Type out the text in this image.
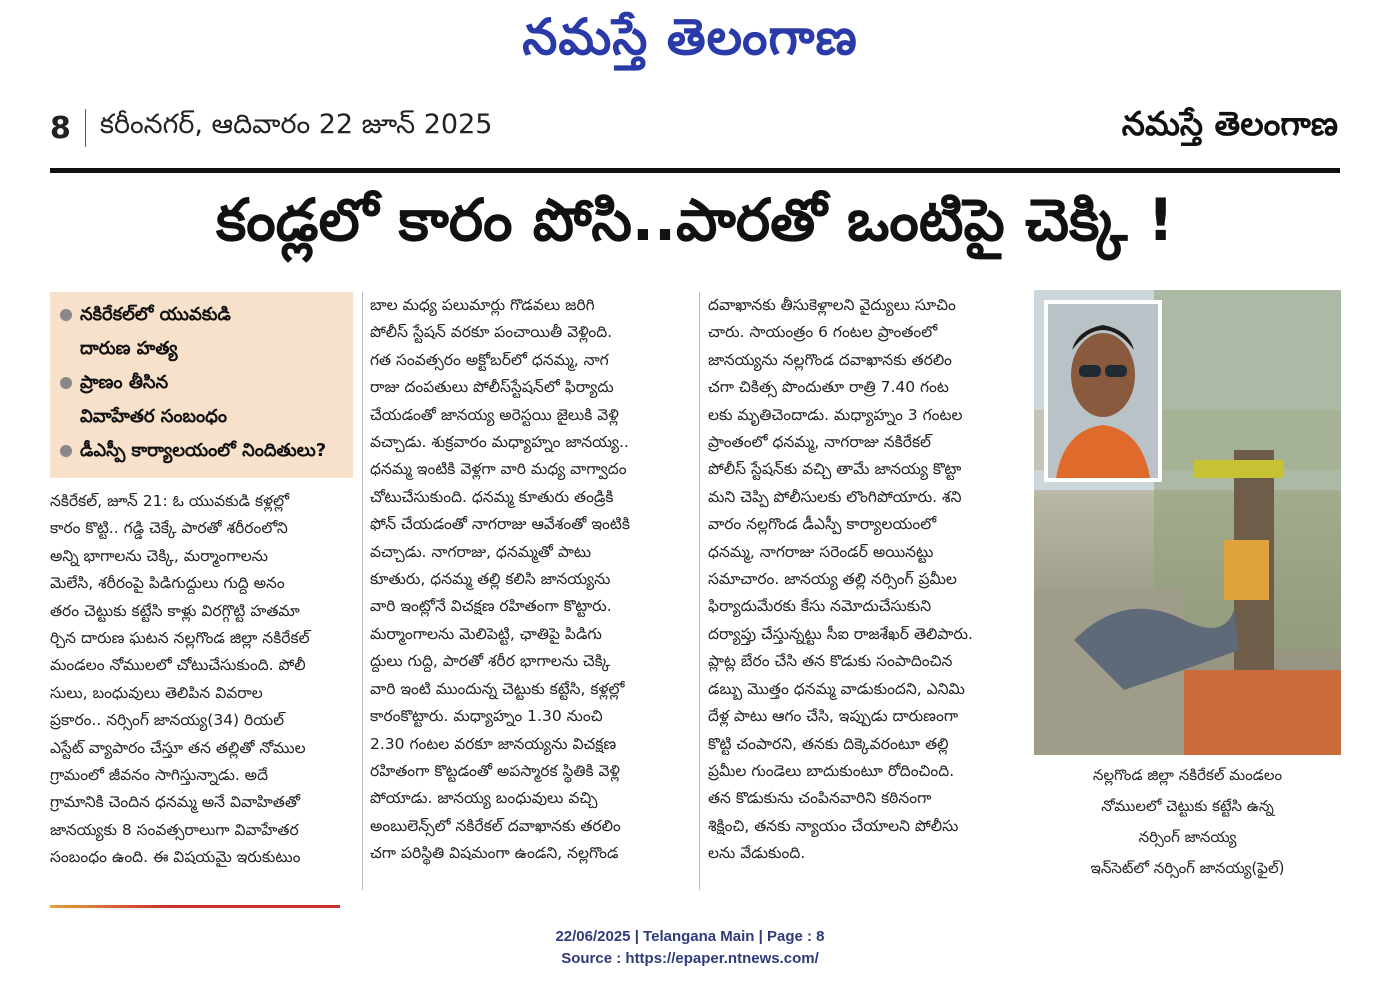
నమస్తే తెలంగాణ
8 కరీంనగర్, ఆదివారం 22 జూన్ 2025	నమస్తే తెలంగాణ
కండ్లలో కారం పోసి..పారతో ఒంటిపై చెక్కి !
నకిరేకల్‌లో యువకుడి
దారుణ హత్య
ప్రాణం తీసిన
వివాహేతర సంబంధం
డీఎస్పీ కార్యాలయంలో నిందితులు?
నకిరేకల్, జూన్ 21: ఓ యువకుడి కళ్లల్లో
కారం కొట్టి.. గడ్డి చెక్కే పారతో శరీరంలోని
అన్ని భాగాలను చెక్కి, మర్మాంగాలను
మెలేసి, శరీరంపై పిడిగుద్దులు గుద్ది అనం
తరం చెట్టుకు కట్టేసి కాళ్లు విరగ్గొట్టి హతమా
ర్చిన దారుణ ఘటన నల్లగొండ జిల్లా నకిరేకల్
మండలం నోములలో చోటుచేసుకుంది. పోలీ
సులు, బంధువులు తెలిపిన వివరాల
ప్రకారం.. నర్సింగ్ జానయ్య(34) రియల్
ఎస్టేట్ వ్యాపారం చేస్తూ తన తల్లితో నోముల
గ్రామంలో జీవనం సాగిస్తున్నాడు. అదే
గ్రామానికి చెందిన ధనమ్మ అనే వివాహితతో
జానయ్యకు 8 సంవత్సరాలుగా వివాహేతర
సంబంధం ఉంది. ఈ విషయమై ఇరుకుటుం
బాల మధ్య పలుమార్లు గొడవలు జరిగి
పోలీస్ స్టేషన్ వరకూ పంచాయితీ వెళ్లింది.
గత సంవత్సరం అక్టోబర్‌లో ధనమ్మ, నాగ
రాజు దంపతులు పోలీస్‌స్టేషన్‌లో ఫిర్యాదు
చేయడంతో జానయ్య అరెస్టయి జైలుకి వెళ్లి
వచ్చాడు. శుక్రవారం మధ్యాహ్నం జానయ్య..
ధనమ్మ ఇంటికి వెళ్లగా వారి మధ్య వాగ్వాదం
చోటుచేసుకుంది. ధనమ్మ కూతురు తండ్రికి
ఫోన్ చేయడంతో నాగరాజు ఆవేశంతో ఇంటికి
వచ్చాడు. నాగరాజు, ధనమ్మతో పాటు
కూతురు, ధనమ్మ తల్లి కలిసి జానయ్యను
వారి ఇంట్లోనే విచక్షణ రహితంగా కొట్టారు.
మర్మాంగాలను మెలిపెట్టి, ఛాతిపై పిడిగు
ద్దులు గుద్ది, పారతో శరీర భాగాలను చెక్కి
వారి ఇంటి ముందున్న చెట్టుకు కట్టేసి, కళ్లల్లో
కారంకొట్టారు. మధ్యాహ్నం 1.30 నుంచి
2.30 గంటల వరకూ జానయ్యను విచక్షణ
రహితంగా కొట్టడంతో అపస్మారక స్థితికి వెళ్లి
పోయాడు. జానయ్య బంధువులు వచ్చి
అంబులెన్స్‌లో నకిరేకల్ దవాఖానకు తరలిం
చగా పరిస్థితి విషమంగా ఉండని, నల్లగొండ
దవాఖానకు తీసుకెళ్లాలని వైద్యులు సూచిం
చారు. సాయంత్రం 6 గంటల ప్రాంతంలో
జానయ్యను నల్లగొండ దవాఖానకు తరలిం
చగా చికిత్స పొందుతూ రాత్రి 7.40 గంట
లకు మృతిచెందాడు. మధ్యాహ్నం 3 గంటల
ప్రాంతంలో ధనమ్మ, నాగరాజు నకిరేకల్
పోలీస్ స్టేషన్‌కు వచ్చి తామే జానయ్య కొట్టా
మని చెప్పి పోలీసులకు లొంగిపోయారు. శని
వారం నల్లగొండ డీఎస్పీ కార్యాలయంలో
ధనమ్మ, నాగరాజు సరెండర్ అయినట్టు
సమాచారం. జానయ్య తల్లి నర్సింగ్ ప్రమీల
ఫిర్యాదుమేరకు కేసు నమోదుచేసుకుని
దర్యాప్తు చేస్తున్నట్టు సీఐ రాజశేఖర్ తెలిపారు.
ప్లాట్ల బేరం చేసి తన కొడుకు సంపాదించిన
డబ్బు మొత్తం ధనమ్మ వాడుకుందని, ఎనిమి
దేళ్ల పాటు ఆగం చేసి, ఇప్పుడు దారుణంగా
కొట్టి చంపారని, తనకు దిక్కెవరంటూ తల్లి
ప్రమీల గుండెలు బాదుకుంటూ రోదించింది.
తన కొడుకును చంపినవారిని కఠినంగా
శిక్షించి, తనకు న్యాయం చేయాలని పోలీసు
లను వేడుకుంది.
నల్లగొండ జిల్లా నకిరేకల్ మండలం
నోములలో చెట్టుకు కట్టేసి ఉన్న
నర్సింగ్ జానయ్య
ఇన్‌సెట్‌లో నర్సింగ్ జానయ్య(ఫైల్)
22/06/2025 | Telangana Main | Page : 8
Source : https://epaper.ntnews.com/
